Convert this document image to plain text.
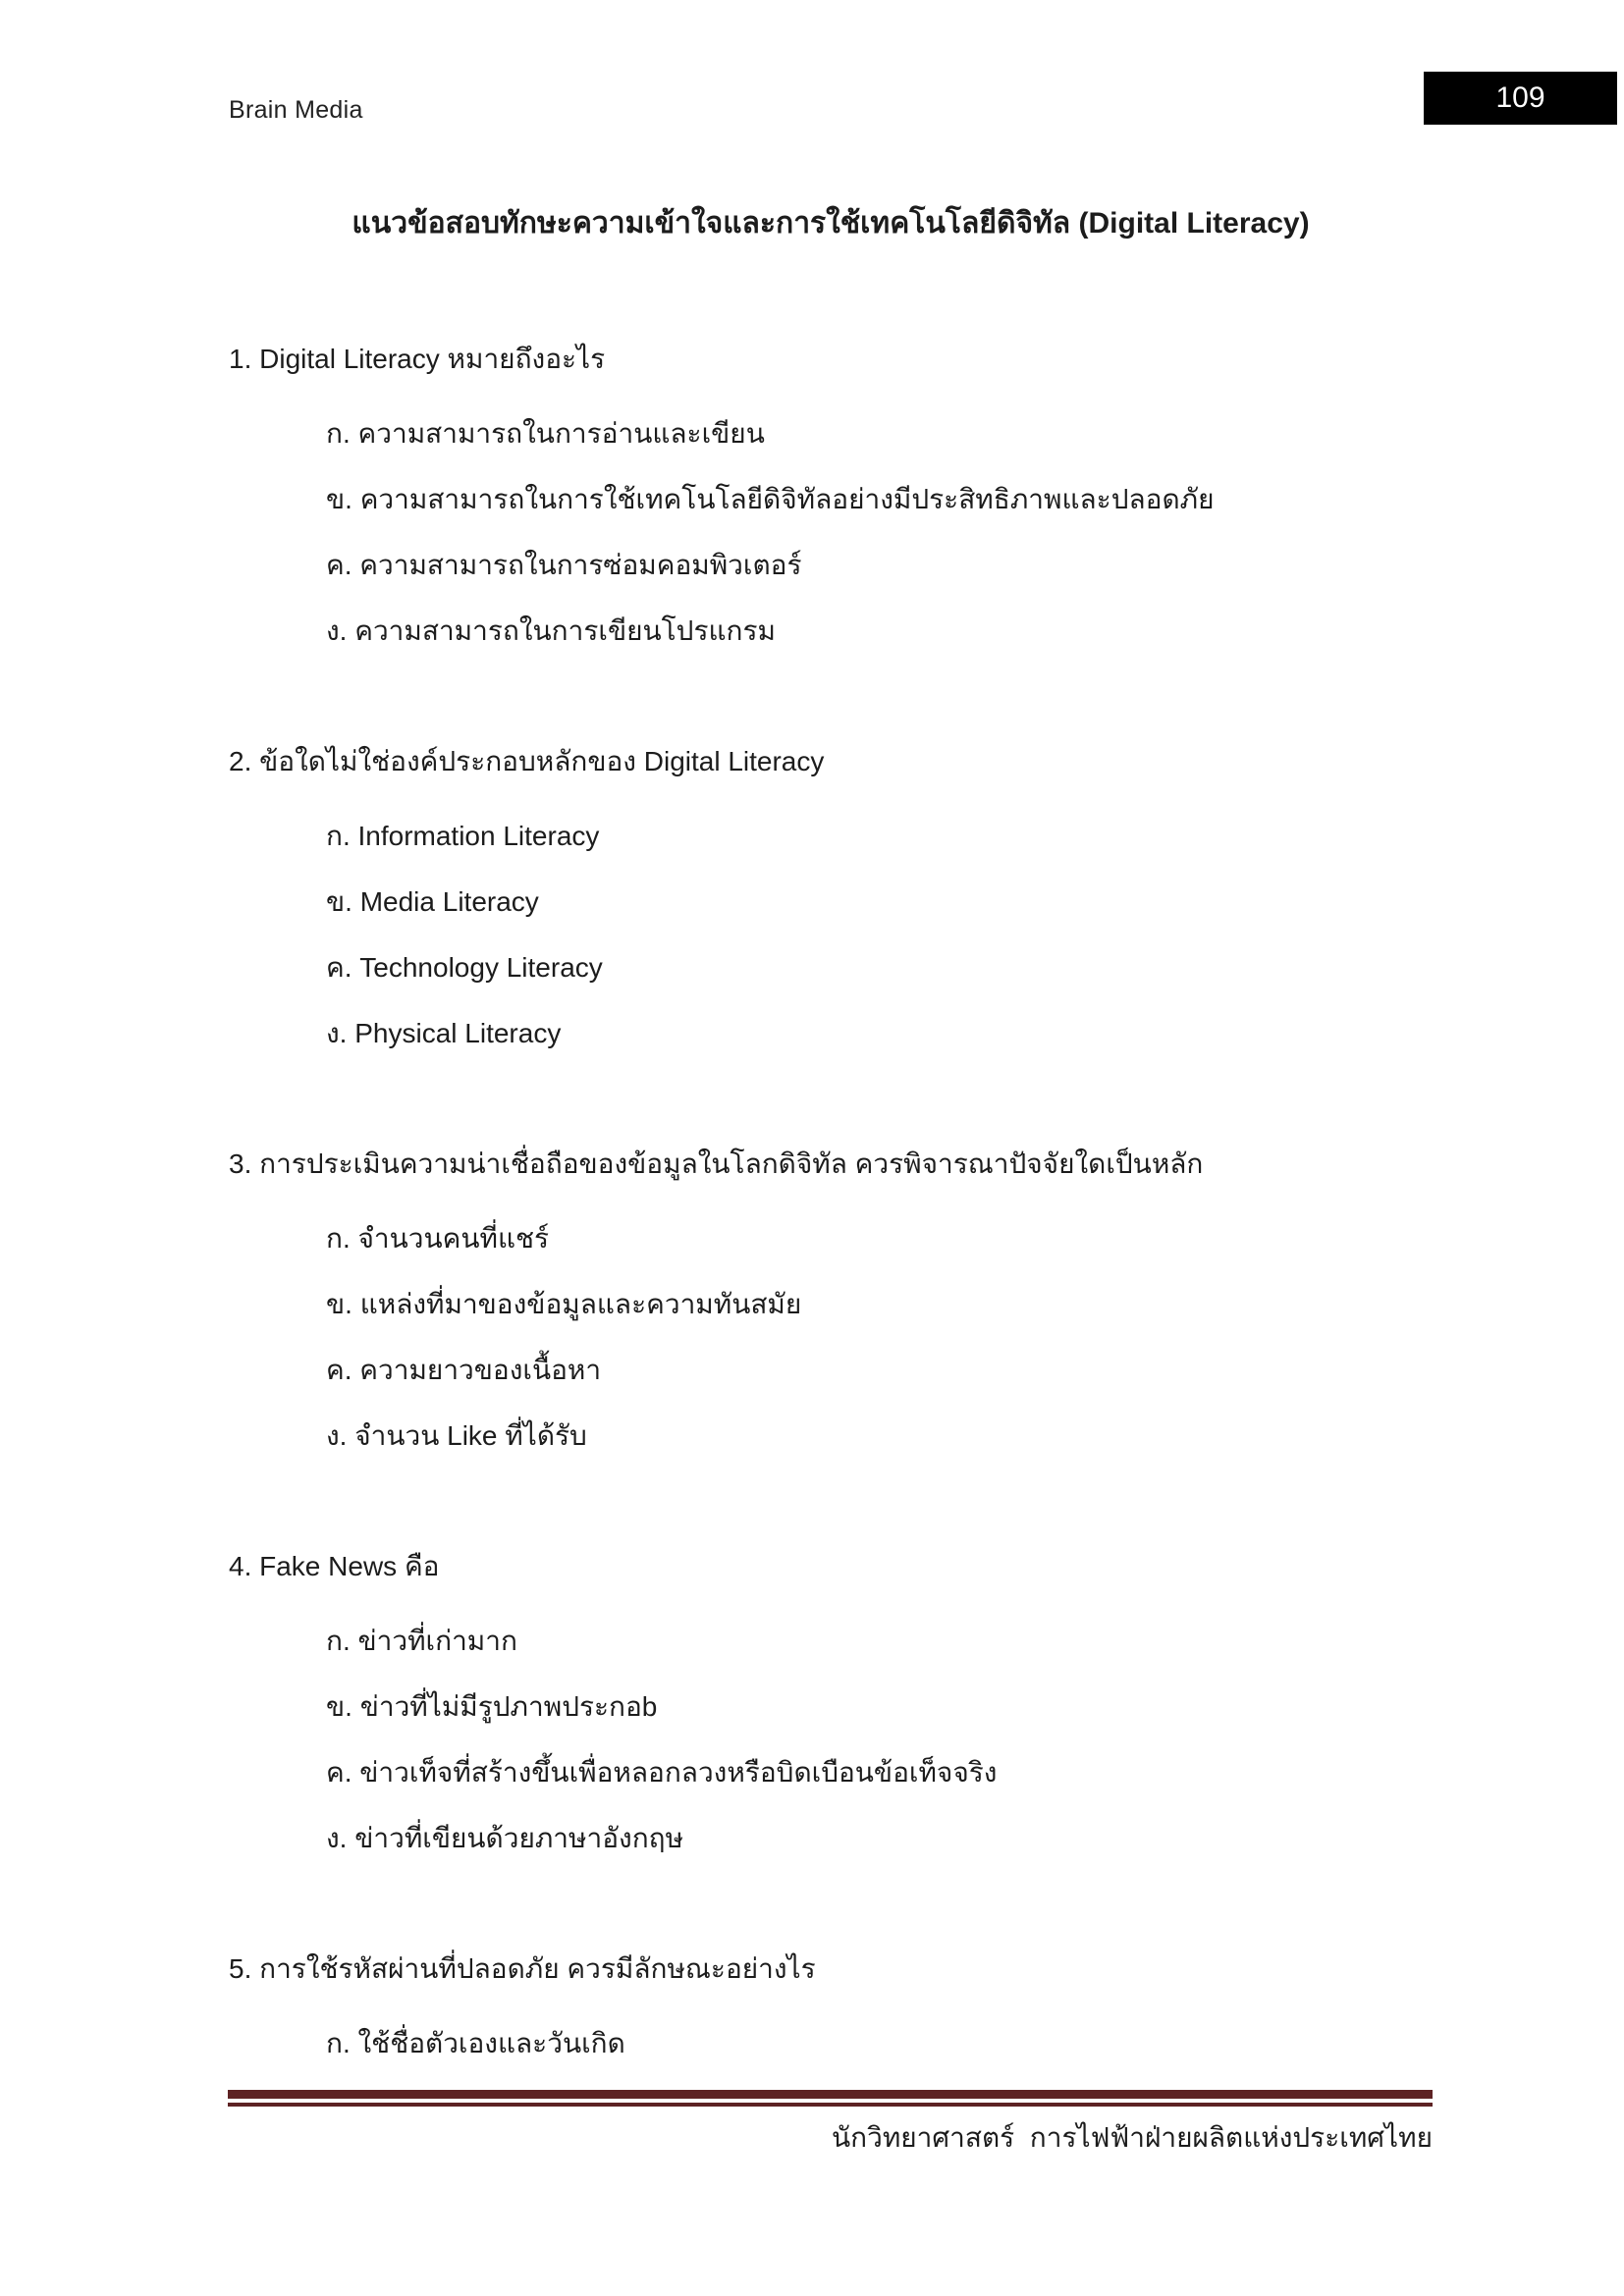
Brain Media	109
แนวข้อสอบทักษะความเข้าใจและการใช้เทคโนโลยีดิจิทัล (Digital Literacy)

1. Digital Literacy หมายถึงอะไร

ก. ความสามารถในการอ่านและเขียน

ข. ความสามารถในการใช้เทคโนโลยีดิจิทัลอย่างมีประสิทธิภาพและปลอดภัย

ค. ความสามารถในการซ่อมคอมพิวเตอร์

ง. ความสามารถในการเขียนโปรแกรม

2. ข้อใดไม่ใช่องค์ประกอบหลักของ Digital Literacy

ก. Information Literacy

ข. Media Literacy

ค. Technology Literacy

ง. Physical Literacy

3. การประเมินความน่าเชื่อถือของข้อมูลในโลกดิจิทัล ควรพิจารณาปัจจัยใดเป็นหลัก

ก. จำนวนคนที่แชร์

ข. แหล่งที่มาของข้อมูลและความทันสมัย

ค. ความยาวของเนื้อหา

ง. จำนวน Like ที่ได้รับ

4. Fake News คือ

ก. ข่าวที่เก่ามาก

ข. ข่าวที่ไม่มีรูปภาพประกอb

ค. ข่าวเท็จที่สร้างขึ้นเพื่อหลอกลวงหรือบิดเบือนข้อเท็จจริง

ง. ข่าวที่เขียนด้วยภาษาอังกฤษ

5. การใช้รหัสผ่านที่ปลอดภัย ควรมีลักษณะอย่างไร

ก. ใช้ชื่อตัวเองและวันเกิด

นักวิทยาศาสตร์  การไฟฟ้าฝ่ายผลิตแห่งประเทศไทย
